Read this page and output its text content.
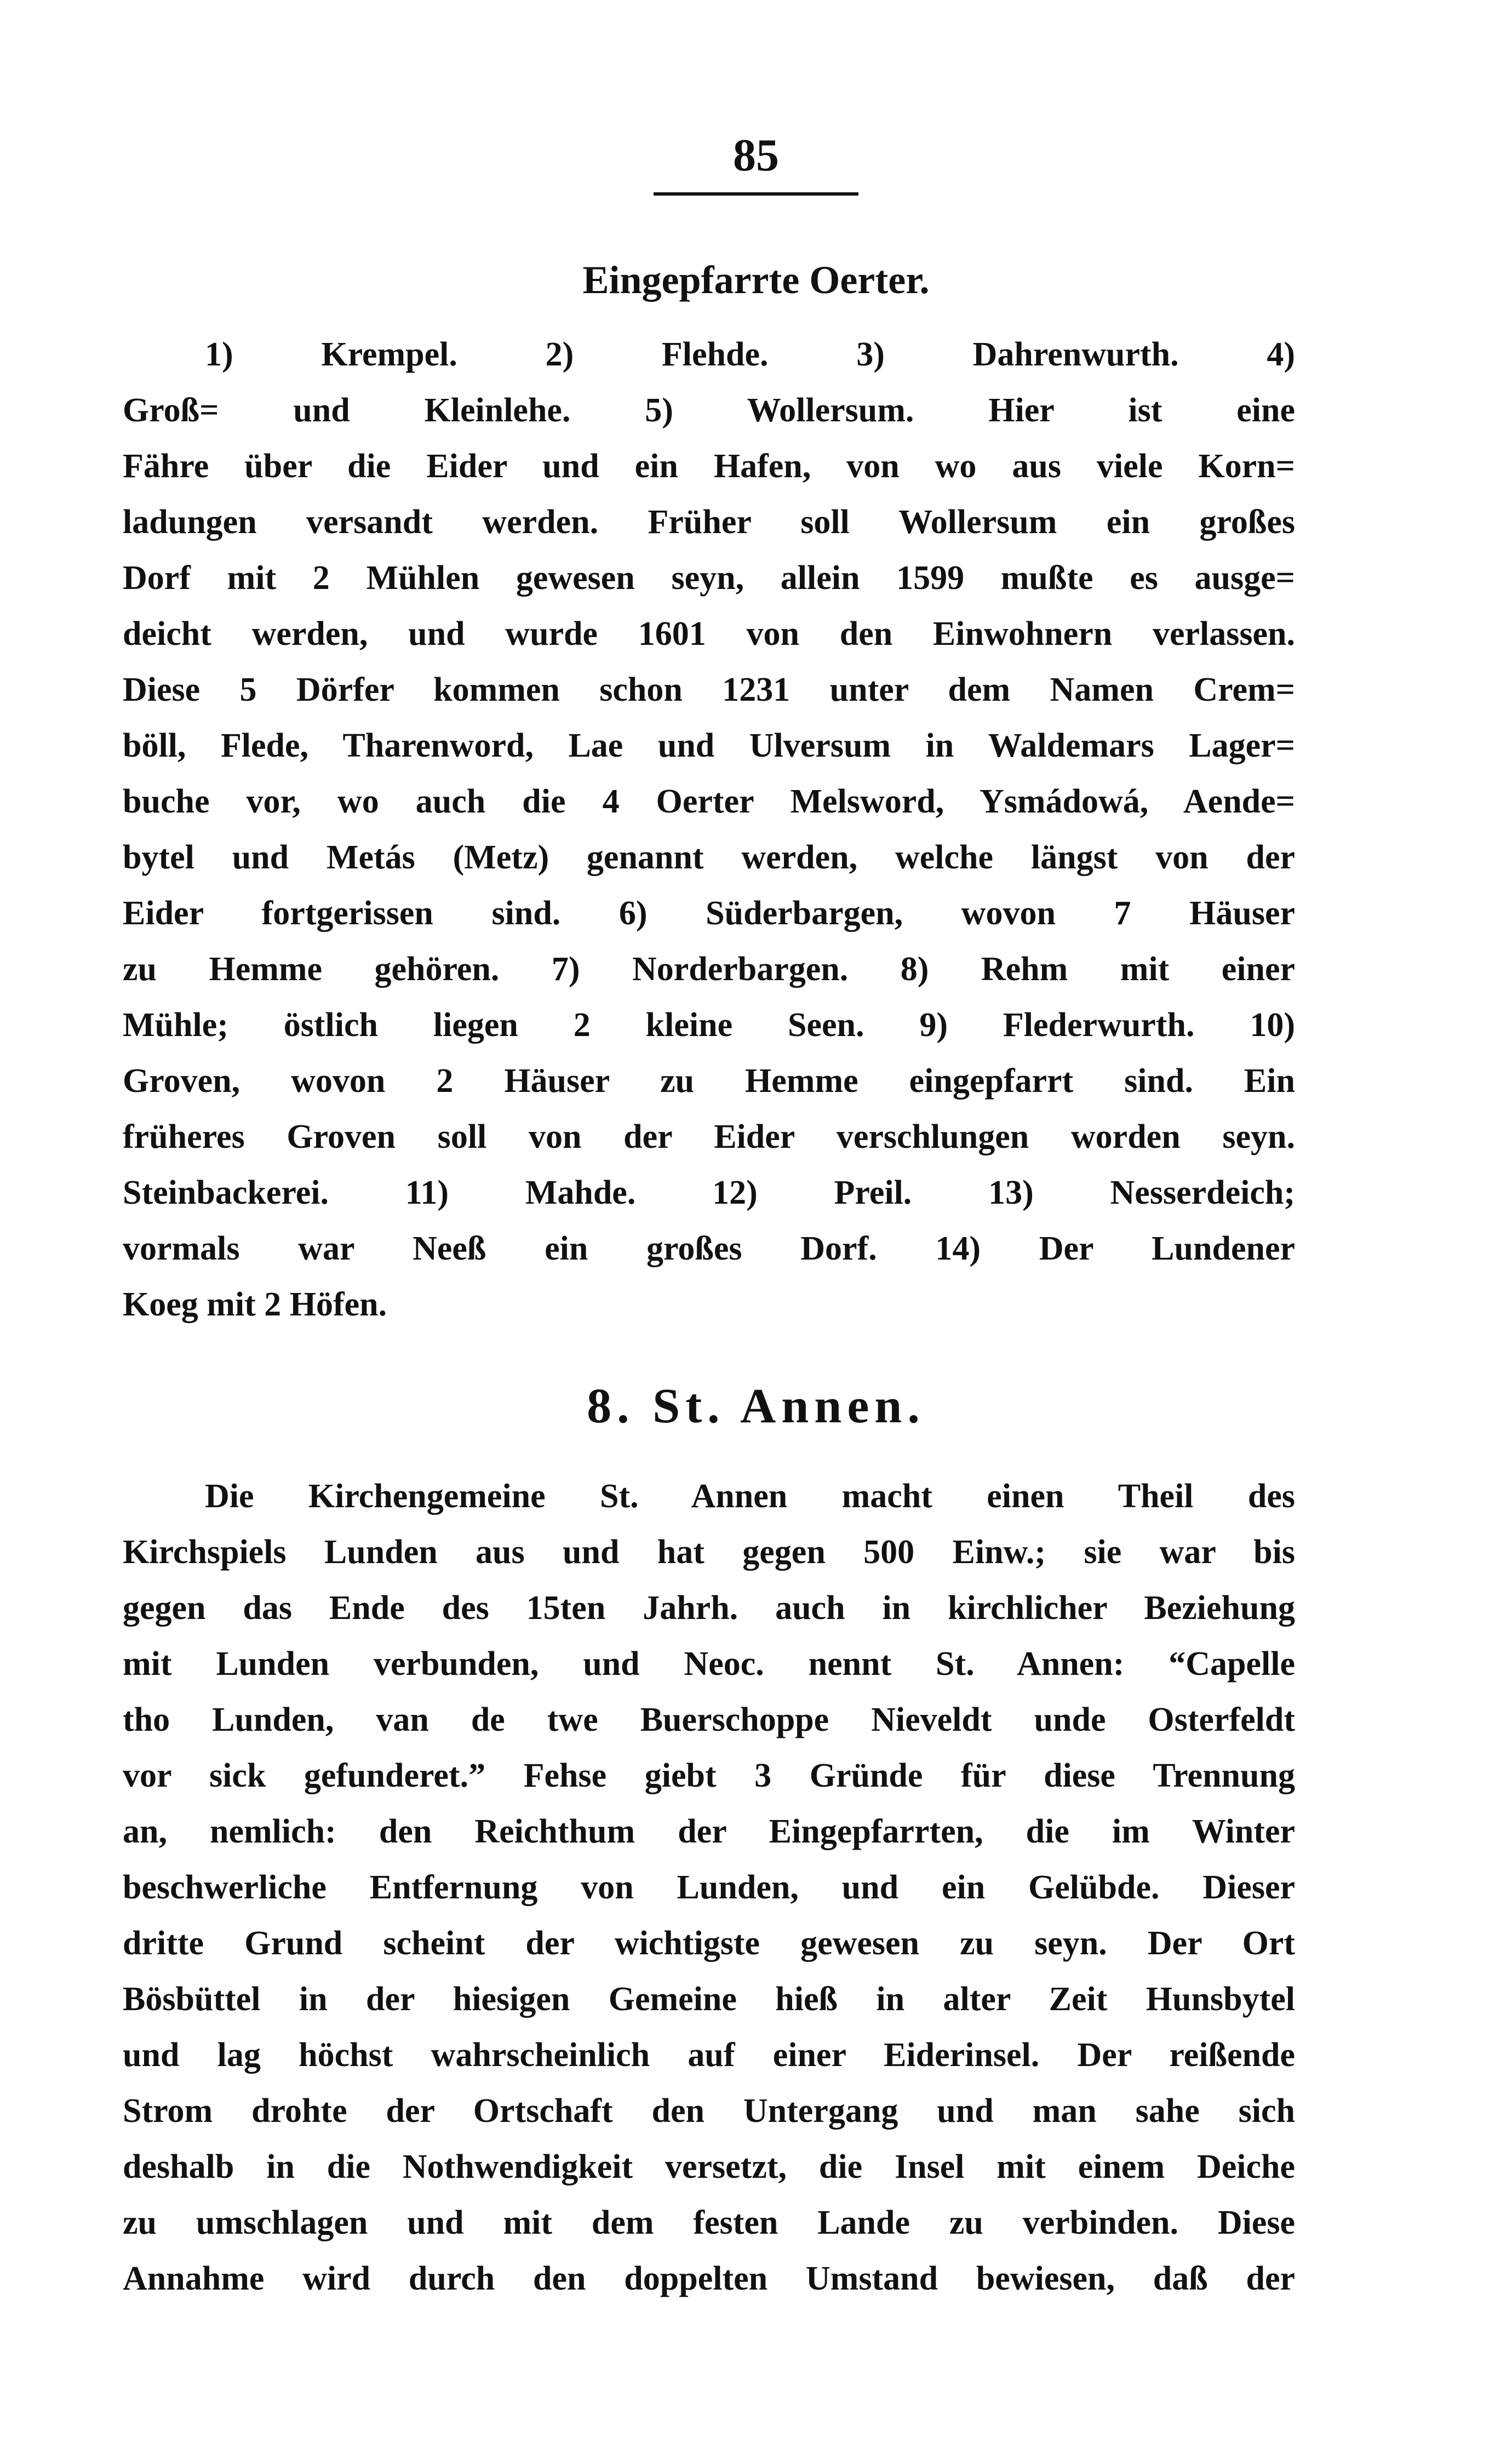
85
Eingepfarrte Oerter.
1) Krempel. 2) Flehde. 3) Dahrenwurth. 4)
Groß= und Kleinlehe. 5) Wollersum. Hier ist eine
Fähre über die Eider und ein Hafen, von wo aus viele Korn=
ladungen versandt werden. Früher soll Wollersum ein großes
Dorf mit 2 Mühlen gewesen seyn, allein 1599 mußte es ausge=
deicht werden, und wurde 1601 von den Einwohnern verlassen.
Diese 5 Dörfer kommen schon 1231 unter dem Namen Crem=
böll, Flede, Tharenword, Lae und Ulversum in Waldemars Lager=
buche vor, wo auch die 4 Oerter Melsword, Ysmádowá, Aende=
bytel und Metás (Metz) genannt werden, welche längst von der
Eider fortgerissen sind. 6) Süderbargen, wovon 7 Häuser
zu Hemme gehören. 7) Norderbargen. 8) Rehm mit einer
Mühle; östlich liegen 2 kleine Seen. 9) Flederwurth. 10)
Groven, wovon 2 Häuser zu Hemme eingepfarrt sind. Ein
früheres Groven soll von der Eider verschlungen worden seyn.
Steinbackerei. 11) Mahde. 12) Preil. 13) Nesserdeich;
vormals war Neeß ein großes Dorf. 14) Der Lundener
Koeg mit 2 Höfen.
8. St. Annen.
Die Kirchengemeine St. Annen macht einen Theil des
Kirchspiels Lunden aus und hat gegen 500 Einw.; sie war bis
gegen das Ende des 15ten Jahrh. auch in kirchlicher Beziehung
mit Lunden verbunden, und Neoc. nennt St. Annen: “Capelle
tho Lunden, van de twe Buerschoppe Nieveldt unde Osterfeldt
vor sick gefunderet.” Fehse giebt 3 Gründe für diese Trennung
an, nemlich: den Reichthum der Eingepfarrten, die im Winter
beschwerliche Entfernung von Lunden, und ein Gelübde. Dieser
dritte Grund scheint der wichtigste gewesen zu seyn. Der Ort
Bösbüttel in der hiesigen Gemeine hieß in alter Zeit Hunsbytel
und lag höchst wahrscheinlich auf einer Eiderinsel. Der reißende
Strom drohte der Ortschaft den Untergang und man sahe sich
deshalb in die Nothwendigkeit versetzt, die Insel mit einem Deiche
zu umschlagen und mit dem festen Lande zu verbinden. Diese
Annahme wird durch den doppelten Umstand bewiesen, daß der
